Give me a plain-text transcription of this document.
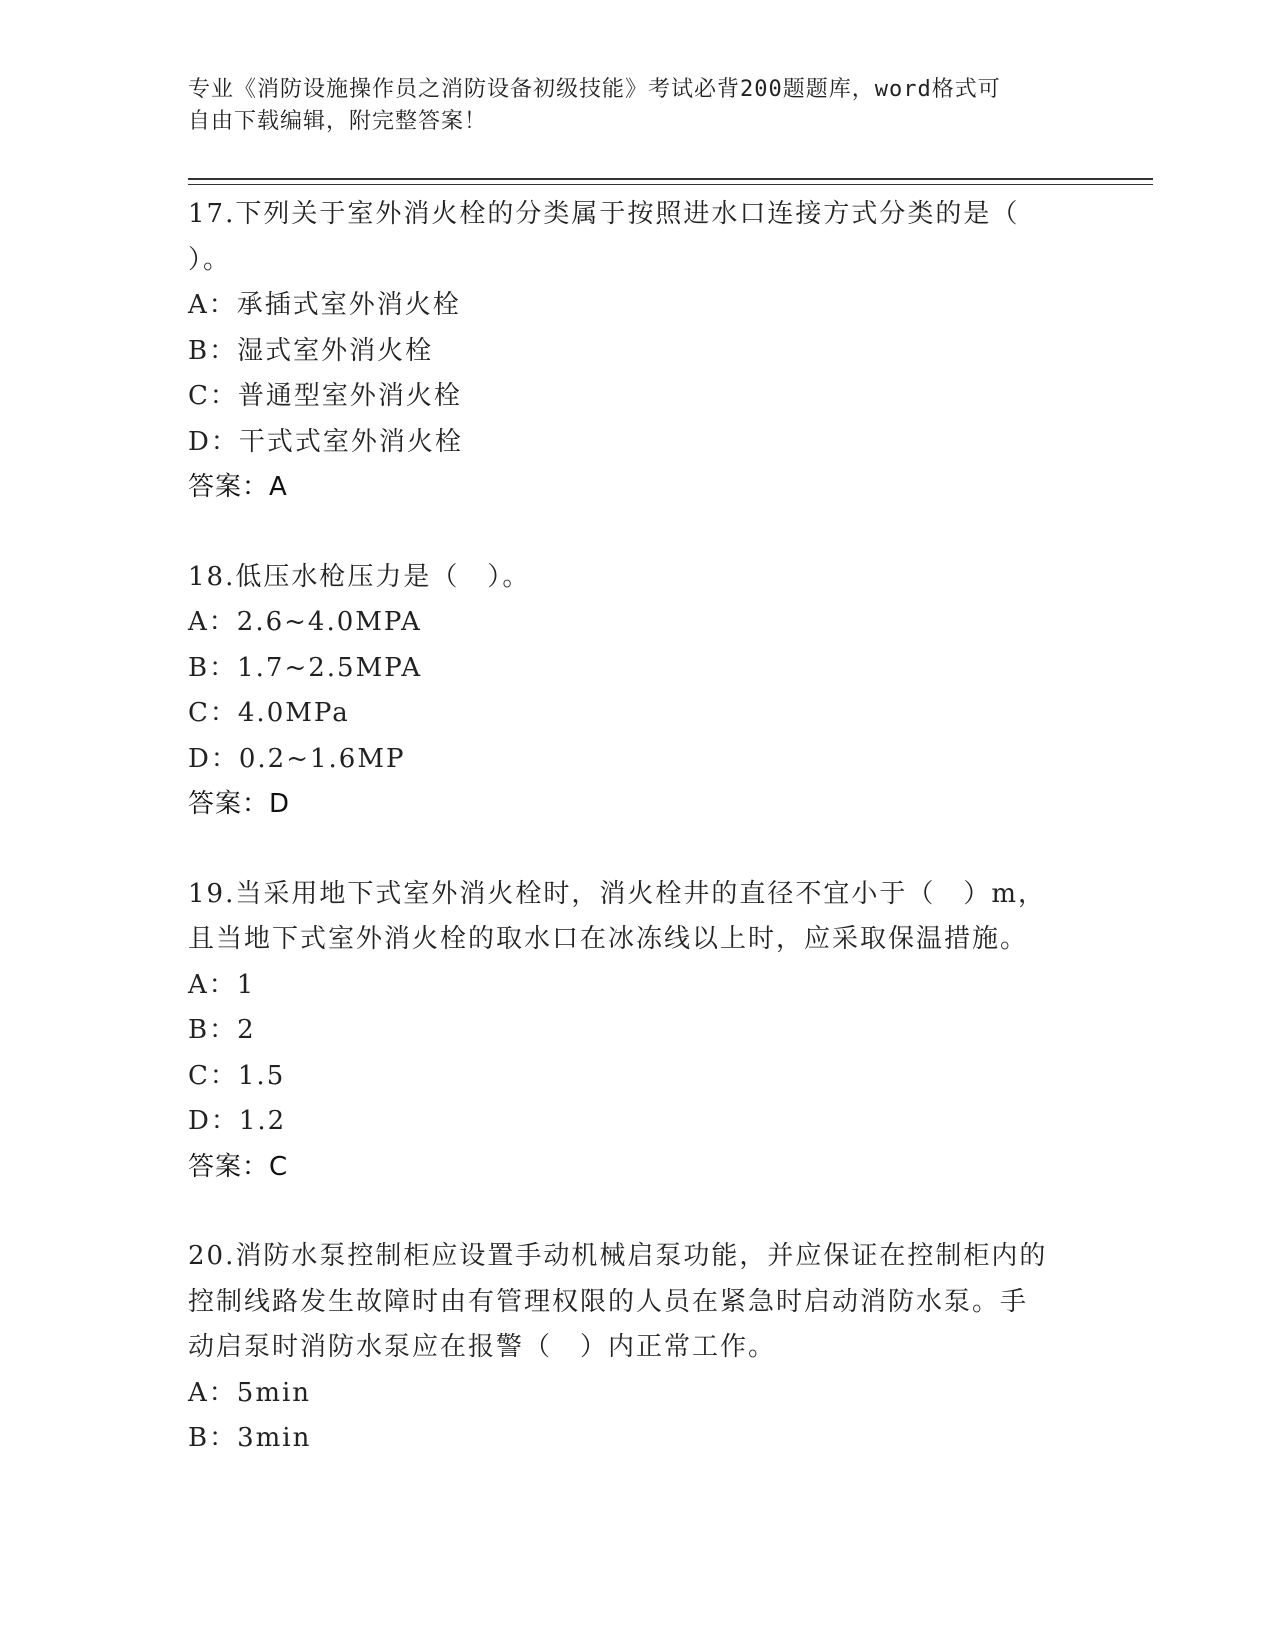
专业《消防设施操作员之消防设备初级技能》考试必背200题题库，word格式可
自由下载编辑，附完整答案！
17.下列关于室外消火栓的分类属于按照进水口连接方式分类的是（
）。
A：承插式室外消火栓
B：湿式室外消火栓
C：普通型室外消火栓
D：干式式室外消火栓
答案：A
18.低压水枪压力是（　）。
A：2.6~4.0MPA
B：1.7~2.5MPA
C：4.0MPa
D：0.2~1.6MP
答案：D
19.当采用地下式室外消火栓时，消火栓井的直径不宜小于（　）m，
且当地下式室外消火栓的取水口在冰冻线以上时，应采取保温措施。
A：1
B：2
C：1.5
D：1.2
答案：C
20.消防水泵控制柜应设置手动机械启泵功能，并应保证在控制柜内的
控制线路发生故障时由有管理权限的人员在紧急时启动消防水泵。手
动启泵时消防水泵应在报警（　）内正常工作。
A：5min
B：3min
